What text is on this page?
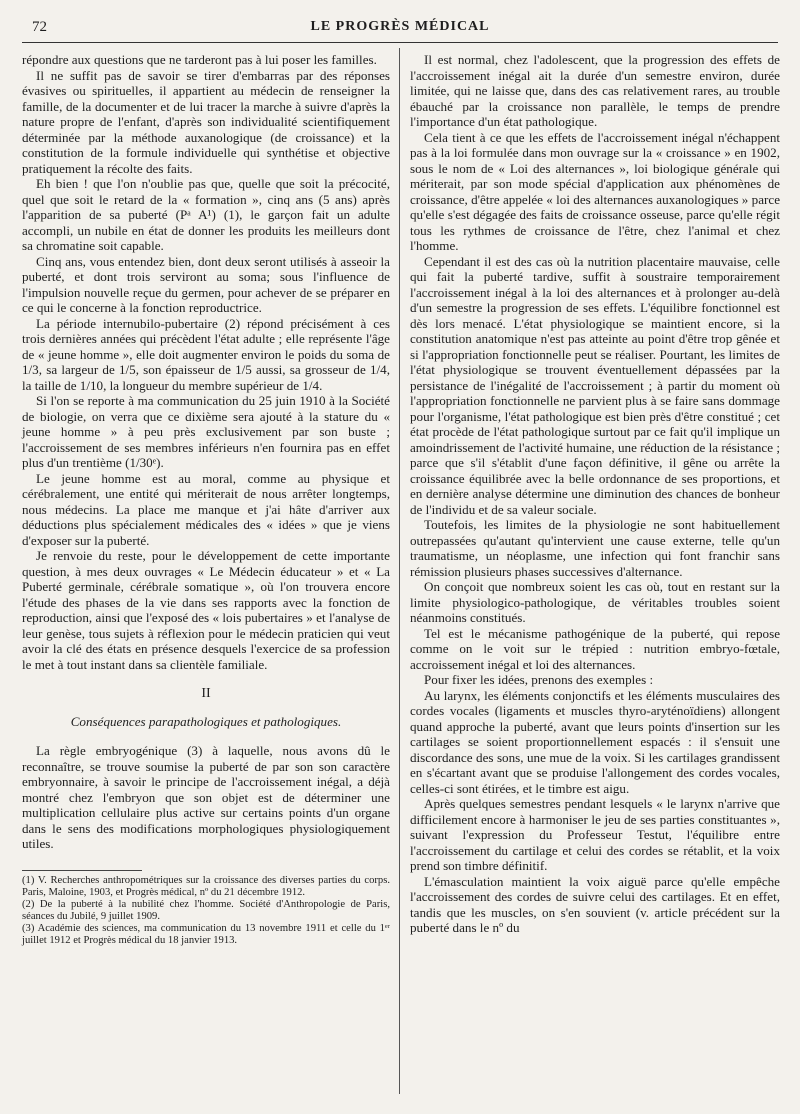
72	LE PROGRÈS MÉDICAL

répondre aux questions que ne tarderont pas à lui poser les familles.

Il ne suffit pas de savoir se tirer d'embarras par des réponses évasives ou spirituelles, il appartient au médecin de renseigner la famille, de la documenter et de lui tracer la marche à suivre d'après la nature propre de l'enfant, d'après son individualité scientifiquement déterminée par la méthode auxanologique (de croissance) et la constitution de la formule individuelle qui synthétise et objective pratiquement la récolte des faits.

Eh bien ! que l'on n'oublie pas que, quelle que soit la précocité, quel que soit le retard de la « formation », cinq ans (5 ans) après l'apparition de sa puberté (Pᵃ A¹) (1), le garçon fait un adulte accompli, un nubile en état de donner les produits les meilleurs dont sa chromatine soit capable.

Cinq ans, vous entendez bien, dont deux seront utilisés à asseoir la puberté, et dont trois serviront au soma; sous l'influence de l'impulsion nouvelle reçue du germen, pour achever de se préparer en ce qui le concerne à la fonction reproductrice.

La période internubilo-pubertaire (2) répond précisément à ces trois dernières années qui précèdent l'état adulte ; elle représente l'âge de « jeune homme », elle doit augmenter environ le poids du soma de 1/3, sa largeur de 1/5, son épaisseur de 1/5 aussi, sa grosseur de 1/4, la taille de 1/10, la longueur du membre supérieur de 1/4.

Si l'on se reporte à ma communication du 25 juin 1910 à la Société de biologie, on verra que ce dixième sera ajouté à la stature du « jeune homme » à peu près exclusivement par son buste ; l'accroissement de ses membres inférieurs n'en fournira pas en effet plus d'un trentième (1/30ᵉ).

Le jeune homme est au moral, comme au physique et cérébralement, une entité qui mériterait de nous arrêter longtemps, nous médecins. La place me manque et j'ai hâte d'arriver aux déductions plus spécialement médicales des « idées » que je viens d'exposer sur la puberté.

Je renvoie du reste, pour le développement de cette importante question, à mes deux ouvrages « Le Médecin éducateur » et « La Puberté germinale, cérébrale somatique », où l'on trouvera encore l'étude des phases de la vie dans ses rapports avec la fonction de reproduction, ainsi que l'exposé des « lois pubertaires » et l'analyse de leur genèse, tous sujets à réflexion pour le médecin praticien qui veut avoir la clé des états en présence desquels l'exercice de sa profession le met à tout instant dans sa clientèle familiale.

II
Conséquences parapathologiques et pathologiques.

La règle embryogénique (3) à laquelle, nous avons dû le reconnaître, se trouve soumise la puberté de par son son caractère embryonnaire, à savoir le principe de l'accroissement inégal, a déjà montré chez l'embryon que son objet est de déterminer une multiplication cellulaire plus active sur certains points d'un organe dans le sens des modifications morphologiques physiologiquement utiles.

(1) V. Recherches anthropométriques sur la croissance des diverses parties du corps. Paris, Maloine, 1903, et Progrès médical, nº du 21 décembre 1912.

(2) De la puberté à la nubilité chez l'homme. Société d'Anthropologie de Paris, séances du Jubilé, 9 juillet 1909.

(3) Académie des sciences, ma communication du 13 novembre 1911 et celle du 1ᵉʳ juillet 1912 et Progrès médical du 18 janvier 1913.

Il est normal, chez l'adolescent, que la progression des effets de l'accroissement inégal ait la durée d'un semestre environ, durée limitée, qui ne laisse que, dans des cas relativement rares, au trouble ébauché par la croissance non parallèle, le temps de prendre l'importance d'un état pathologique.

Cela tient à ce que les effets de l'accroissement inégal n'échappent pas à la loi formulée dans mon ouvrage sur la « croissance » en 1902, sous le nom de « Loi des alternances », loi biologique générale qui mériterait, par son mode spécial d'application aux phénomènes de croissance, d'être appelée « loi des alternances auxanologiques » parce qu'elle s'est dégagée des faits de croissance osseuse, parce qu'elle régit tous les rythmes de croissance de l'être, chez l'animal et chez l'homme.

Cependant il est des cas où la nutrition placentaire mauvaise, celle qui fait la puberté tardive, suffit à soustraire temporairement l'accroissement inégal à la loi des alternances et à prolonger au-delà d'un semestre la progression de ses effets. L'équilibre fonctionnel est dès lors menacé. L'état physiologique se maintient encore, si la constitution anatomique n'est pas atteinte au point d'être trop gênée et si l'appropriation fonctionnelle peut se réaliser. Pourtant, les limites de l'état physiologique se trouvent éventuellement dépassées par la persistance de l'inégalité de l'accroissement ; à partir du moment où l'appropriation fonctionnelle ne parvient plus à se faire sans dommage pour l'organisme, l'état pathologique est bien près d'être constitué ; cet état procède de l'état pathologique surtout par ce fait qu'il implique un amoindrissement de l'activité humaine, une réduction de la résistance ; parce que s'il s'établit d'une façon définitive, il gêne ou arrête la croissance équilibrée avec la belle ordonnance de ses proportions, et en dernière analyse détermine une diminution des chances de bonheur de l'individu et de sa valeur sociale.

Toutefois, les limites de la physiologie ne sont habituellement outrepassées qu'autant qu'intervient une cause externe, telle qu'un traumatisme, un néoplasme, une infection qui font franchir sans rémission plusieurs phases successives d'alternance.

On conçoit que nombreux soient les cas où, tout en restant sur la limite physiologico-pathologique, de véritables troubles soient néanmoins constitués.

Tel est le mécanisme pathogénique de la puberté, qui repose comme on le voit sur le trépied : nutrition embryo-fœtale, accroissement inégal et loi des alternances.

Pour fixer les idées, prenons des exemples :

Au larynx, les éléments conjonctifs et les éléments musculaires des cordes vocales (ligaments et muscles thyro-aryténoïdiens) allongent quand approche la puberté, avant que leurs points d'insertion sur les cartilages se soient proportionnellement espacés : il s'ensuit une discordance des sons, une mue de la voix. Si les cartilages grandissent en s'écartant avant que se produise l'allongement des cordes vocales, celles-ci sont étirées, et le timbre est aigu.

Après quelques semestres pendant lesquels « le larynx n'arrive que difficilement encore à harmoniser le jeu de ses parties constituantes », suivant l'expression du Professeur Testut, l'équilibre entre l'accroissement du cartilage et celui des cordes se rétablit, et la voix prend son timbre définitif.

L'émasculation maintient la voix aiguë parce qu'elle empêche l'accroissement des cordes de suivre celui des cartilages. Et en effet, tandis que les muscles, on s'en souvient (v. article précédent sur la puberté dans le nº du
